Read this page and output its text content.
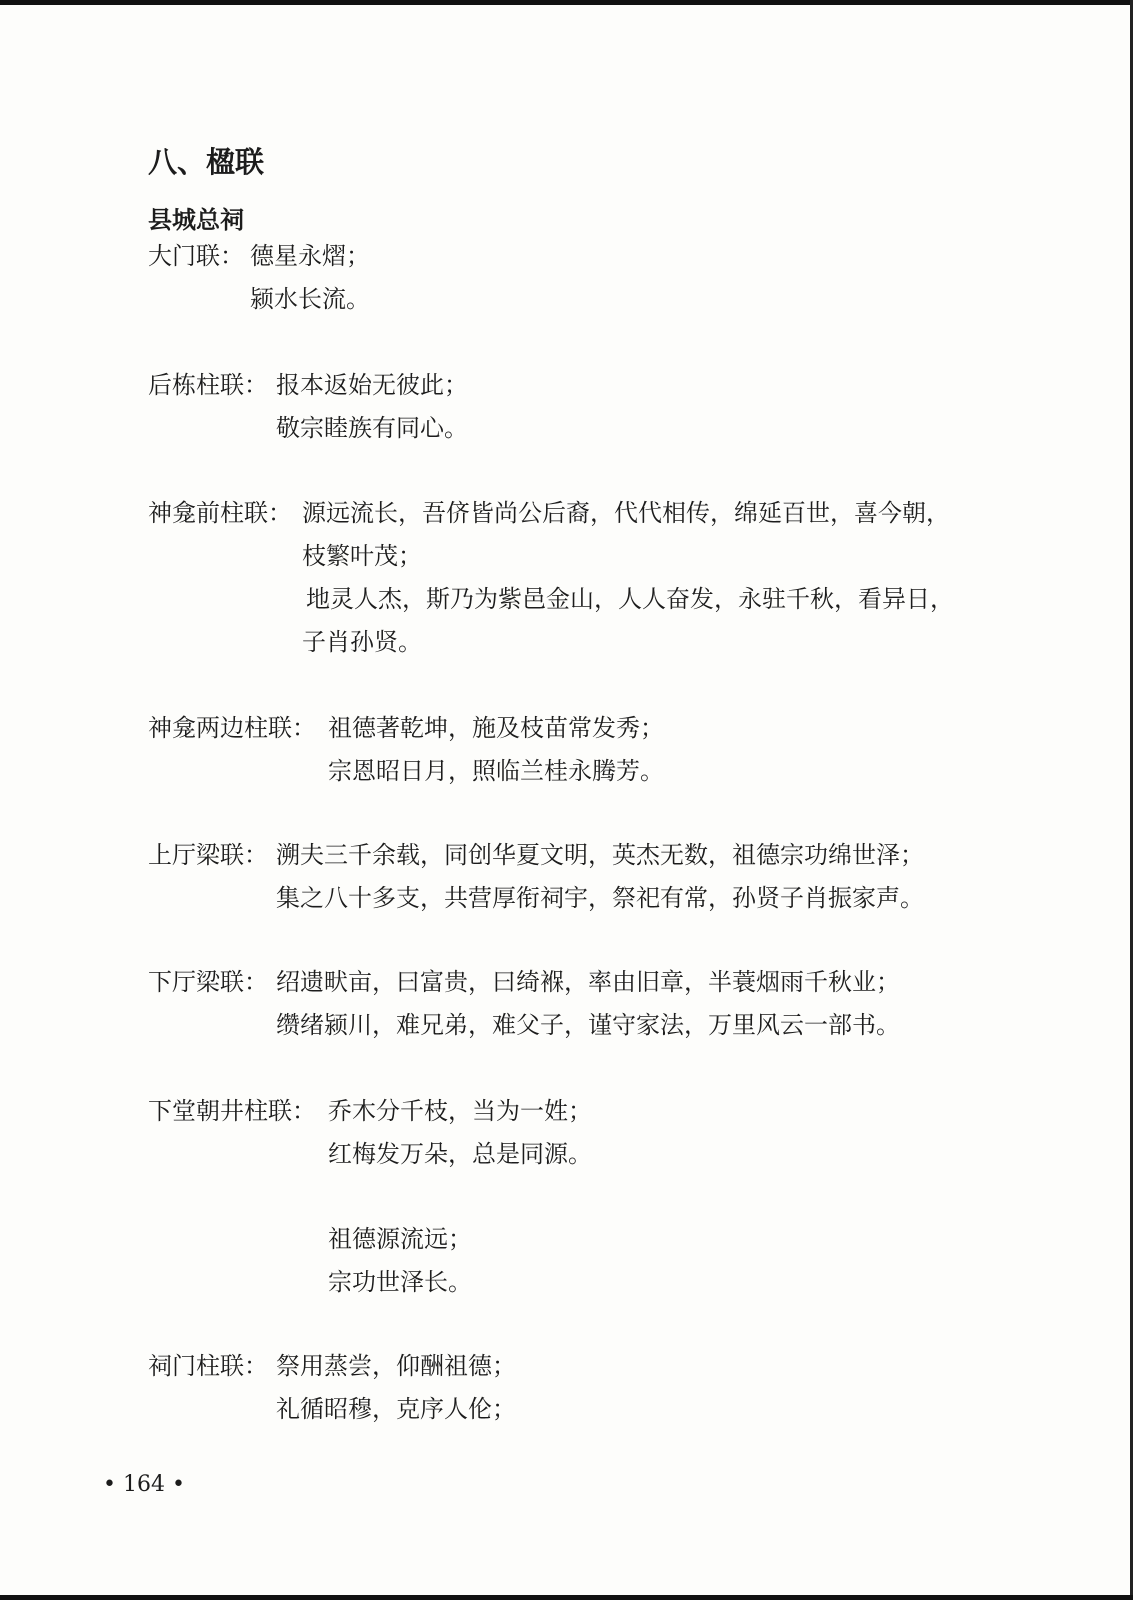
八、楹联
县城总祠
大门联： 德星永熠；
颍水长流。
后栋柱联： 报本返始无彼此；
敬宗睦族有同心。
神龛前柱联： 源远流长，吾侪皆尚公后裔，代代相传，绵延百世，喜今朝，
枝繁叶茂；
地灵人杰，斯乃为紫邑金山，人人奋发，永驻千秋，看异日，
子肖孙贤。
神龛两边柱联： 祖德著乾坤，施及枝苗常发秀；
宗恩昭日月，照临兰桂永腾芳。
上厅梁联： 溯夫三千余载，同创华夏文明，英杰无数，祖德宗功绵世泽；
集之八十多支，共营厚衔祠宇，祭祀有常，孙贤子肖振家声。
下厅梁联： 绍遗畎亩，曰富贵，曰绮褓，率由旧章，半蓑烟雨千秋业；
缵绪颍川，难兄弟，难父子，谨守家法，万里风云一部书。
下堂朝井柱联： 乔木分千枝，当为一姓；
红梅发万朵，总是同源。
祖德源流远；
宗功世泽长。
祠门柱联： 祭用蒸尝，仰酬祖德；
礼循昭穆，克序人伦；
• 164 •
